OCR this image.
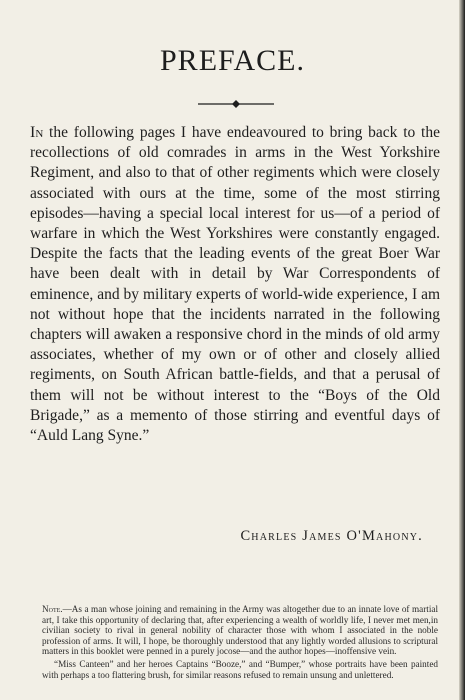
PREFACE.

In the following pages I have endeavoured to bring back to the recollections of old comrades in arms in the West Yorkshire Regiment, and also to that of other regiments which were closely associated with ours at the time, some of the most stirring episodes—having a special local interest for us—of a period of warfare in which the West Yorkshires were constantly engaged. Despite the facts that the leading events of the great Boer War have been dealt with in detail by War Correspondents of eminence, and by military experts of world-wide experience, I am not without hope that the incidents narrated in the following chapters will awaken a responsive chord in the minds of old army associates, whether of my own or of other and closely allied regiments, on South African battle-fields, and that a perusal of them will not be without interest to the “Boys of the Old Brigade,” as a memento of those stirring and eventful days of “Auld Lang Syne.”

Charles James O'Mahony.

Note.—As a man whose joining and remaining in the Army was altogether due to an innate love of martial art, I take this opportunity of declaring that, after experiencing a wealth of worldly life, I never met men,in civilian society to rival in general nobility of character those with whom I associated in the noble profession of arms. It will, I hope, be thoroughly understood that any lightly worded allusions to scriptural matters in this booklet were penned in a purely jocose—and the author hopes—inoffensive vein.

“Miss Canteen” and her heroes Captains “Booze,” and “Bumper,” whose portraits have been painted with perhaps a too flattering brush, for similar reasons refused to remain unsung and unlettered.
